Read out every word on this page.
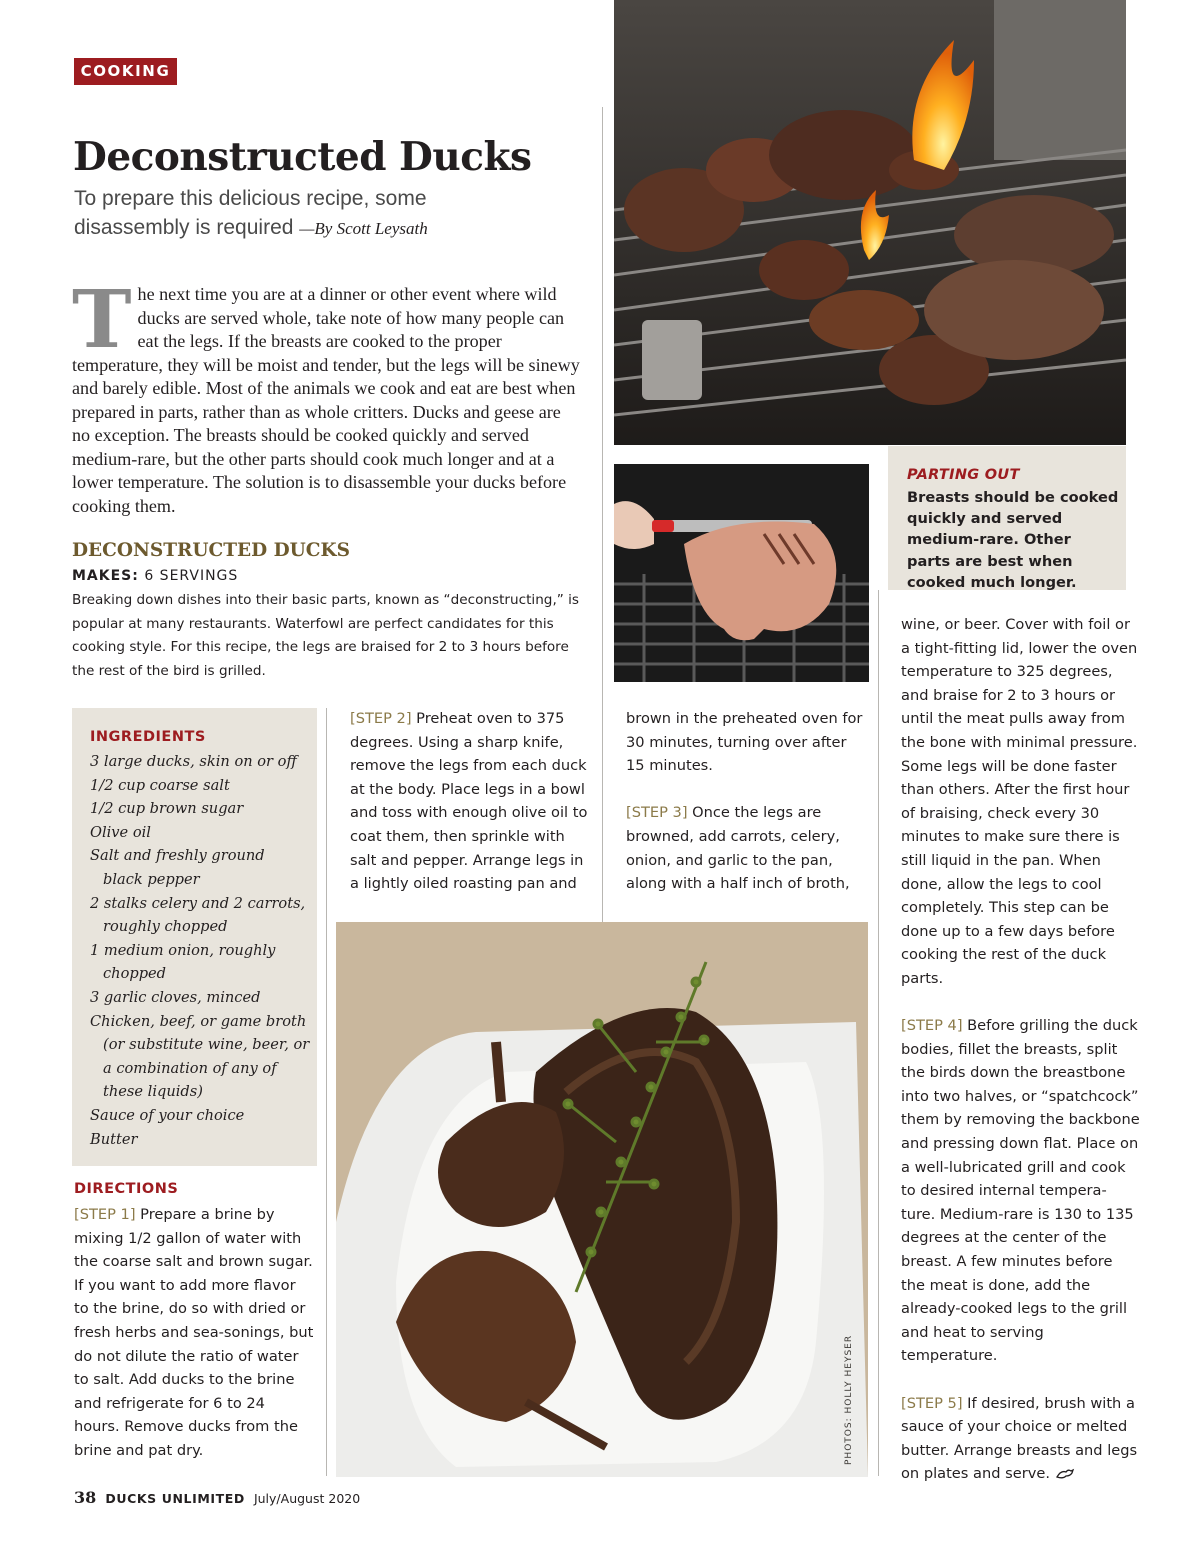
COOKING
Deconstructed Ducks
To prepare this delicious recipe, some disassembly is required —By Scott Leysath
The next time you are at a dinner or other event where wild ducks are served whole, take note of how many people can eat the legs. If the breasts are cooked to the proper temperature, they will be moist and tender, but the legs will be sinewy and barely edible. Most of the animals we cook and eat are best when prepared in parts, rather than as whole critters. Ducks and geese are no exception. The breasts should be cooked quickly and served medium-rare, but the other parts should cook much longer and at a lower temperature. The solution is to disassemble your ducks before cooking them.
DECONSTRUCTED DUCKS
MAKES: 6 SERVINGS
Breaking down dishes into their basic parts, known as “deconstructing,” is popular at many restaurants. Waterfowl are perfect candidates for this cooking style. For this recipe, the legs are braised for 2 to 3 hours before the rest of the bird is grilled.
INGREDIENTS
3 large ducks, skin on or off
1/2 cup coarse salt
1/2 cup brown sugar
Olive oil
Salt and freshly ground
black pepper
2 stalks celery and 2 carrots,
roughly chopped
1 medium onion, roughly
chopped
3 garlic cloves, minced
Chicken, beef, or game broth
(or substitute wine, beer, or
a combination of any of
these liquids)
Sauce of your choice
Butter
DIRECTIONS
[STEP 1] Prepare a brine by mixing 1/2 gallon of water with the coarse salt and brown sugar. If you want to add more flavor to the brine, do so with dried or fresh herbs and sea-sonings, but do not dilute the ratio of water to salt. Add ducks to the brine and refrigerate for 6 to 24 hours. Remove ducks from the brine and pat dry.
[STEP 2] Preheat oven to 375 degrees. Using a sharp knife, remove the legs from each duck at the body. Place legs in a bowl and toss with enough olive oil to coat them, then sprinkle with salt and pepper. Arrange legs in a lightly oiled roasting pan and
brown in the preheated oven for 30 minutes, turning over after 15 minutes.
[STEP 3] Once the legs are browned, add carrots, celery, onion, and garlic to the pan, along with a half inch of broth,
wine, or beer. Cover with foil or a tight-fitting lid, lower the oven temperature to 325 degrees, and braise for 2 to 3 hours or until the meat pulls away from the bone with minimal pressure. Some legs will be done faster than others. After the first hour of braising, check every 30 minutes to make sure there is still liquid in the pan. When done, allow the legs to cool completely. This step can be done up to a few days before cooking the rest of the duck parts.
[STEP 4] Before grilling the duck bodies, fillet the breasts, split the birds down the breastbone into two halves, or “spatchcock” them by removing the backbone and pressing down flat. Place on a well-lubricated grill and cook to desired internal tempera-ture. Medium-rare is 130 to 135 degrees at the center of the breast. A few minutes before the meat is done, add the already-cooked legs to the grill and heat to serving temperature.
[STEP 5] If desired, brush with a sauce of your choice or melted butter. Arrange breasts and legs on plates and serve.
PARTING OUT
Breasts should be cooked quickly and served medium-rare. Other parts are best when cooked much longer.
PHOTOS: HOLLY HEYSER
38 DUCKS UNLIMITED July/August 2020
